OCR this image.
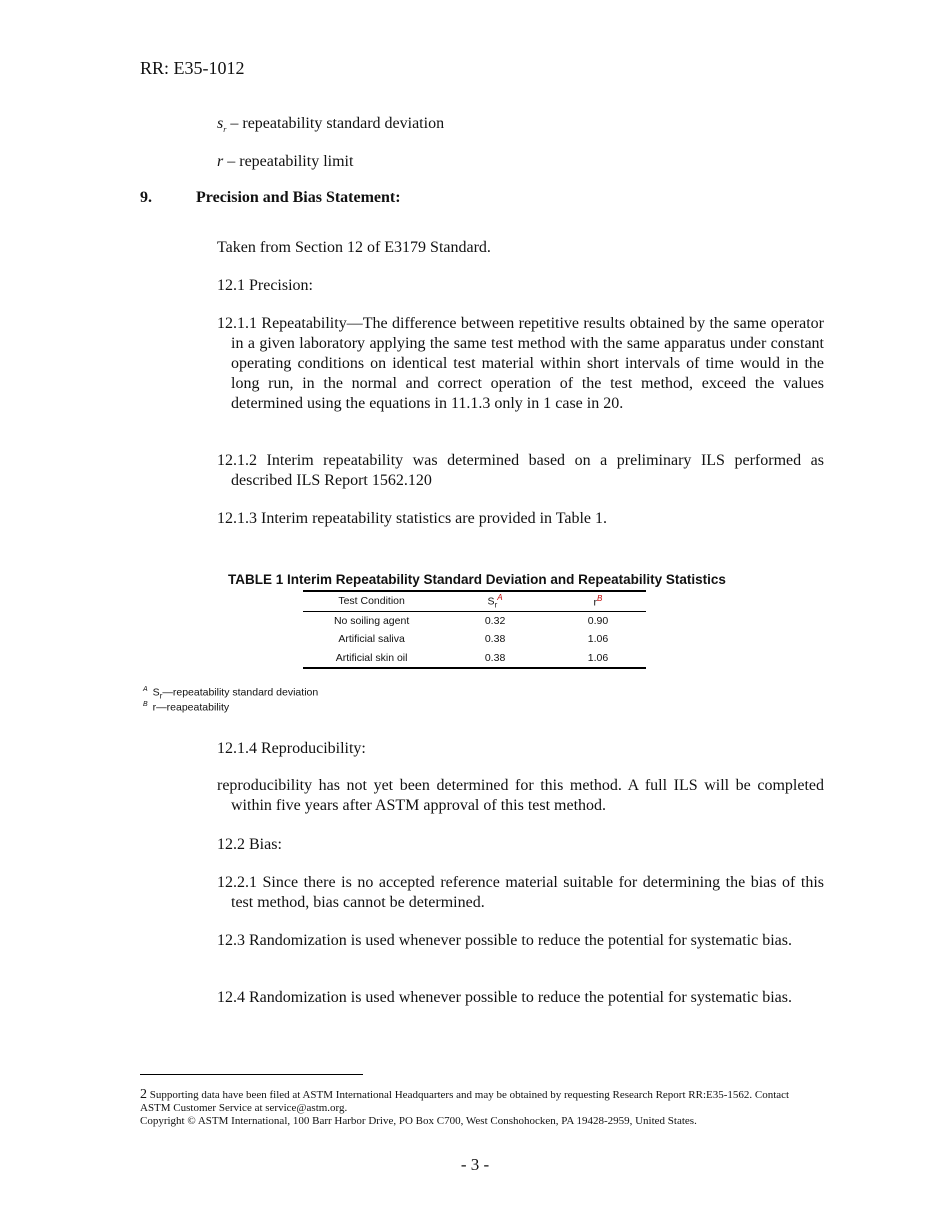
RR: E35-1012
$s_r$ – repeatability standard deviation
r – repeatability limit
9.	Precision and Bias Statement:
Taken from Section 12 of E3179 Standard.
12.1 Precision:
12.1.1 Repeatability—The difference between repetitive results obtained by the same operator in a given laboratory applying the same test method with the same apparatus under constant operating conditions on identical test material within short intervals of time would in the long run, in the normal and correct operation of the test method, exceed the values determined using the equations in 11.1.3 only in 1 case in 20.
12.1.2 Interim repeatability was determined based on a preliminary ILS performed as described ILS Report 1562.120
12.1.3 Interim repeatability statistics are provided in Table 1.
TABLE 1 Interim Repeatability Standard Deviation and Repeatability Statistics
Test Condition	$S_r^A$	$r^B$
No soiling agent	0.32	0.90
Artificial saliva	0.38	1.06
Artificial skin oil	0.38	1.06
$^A$ $S_r—repeatability$ standard deviation
$^B$ r—reapeatability
12.1.4 Reproducibility:
reproducibility has not yet been determined for this method. A full ILS will be completed within five years after ASTM approval of this test method.
12.2 Bias:
12.2.1 Since there is no accepted reference material suitable for determining the bias of this test method, bias cannot be determined.
12.3 Randomization is used whenever possible to reduce the potential for systematic bias.
12.4 Randomization is used whenever possible to reduce the potential for systematic bias.
2 Supporting data have been filed at ASTM International Headquarters and may be obtained by requesting Research Report RR:E35-1562. Contact ASTM Customer Service at service@astm.org.
Copyright © ASTM International, 100 Barr Harbor Drive, PO Box C700, West Conshohocken, PA 19428-2959, United States.
- 3 -
